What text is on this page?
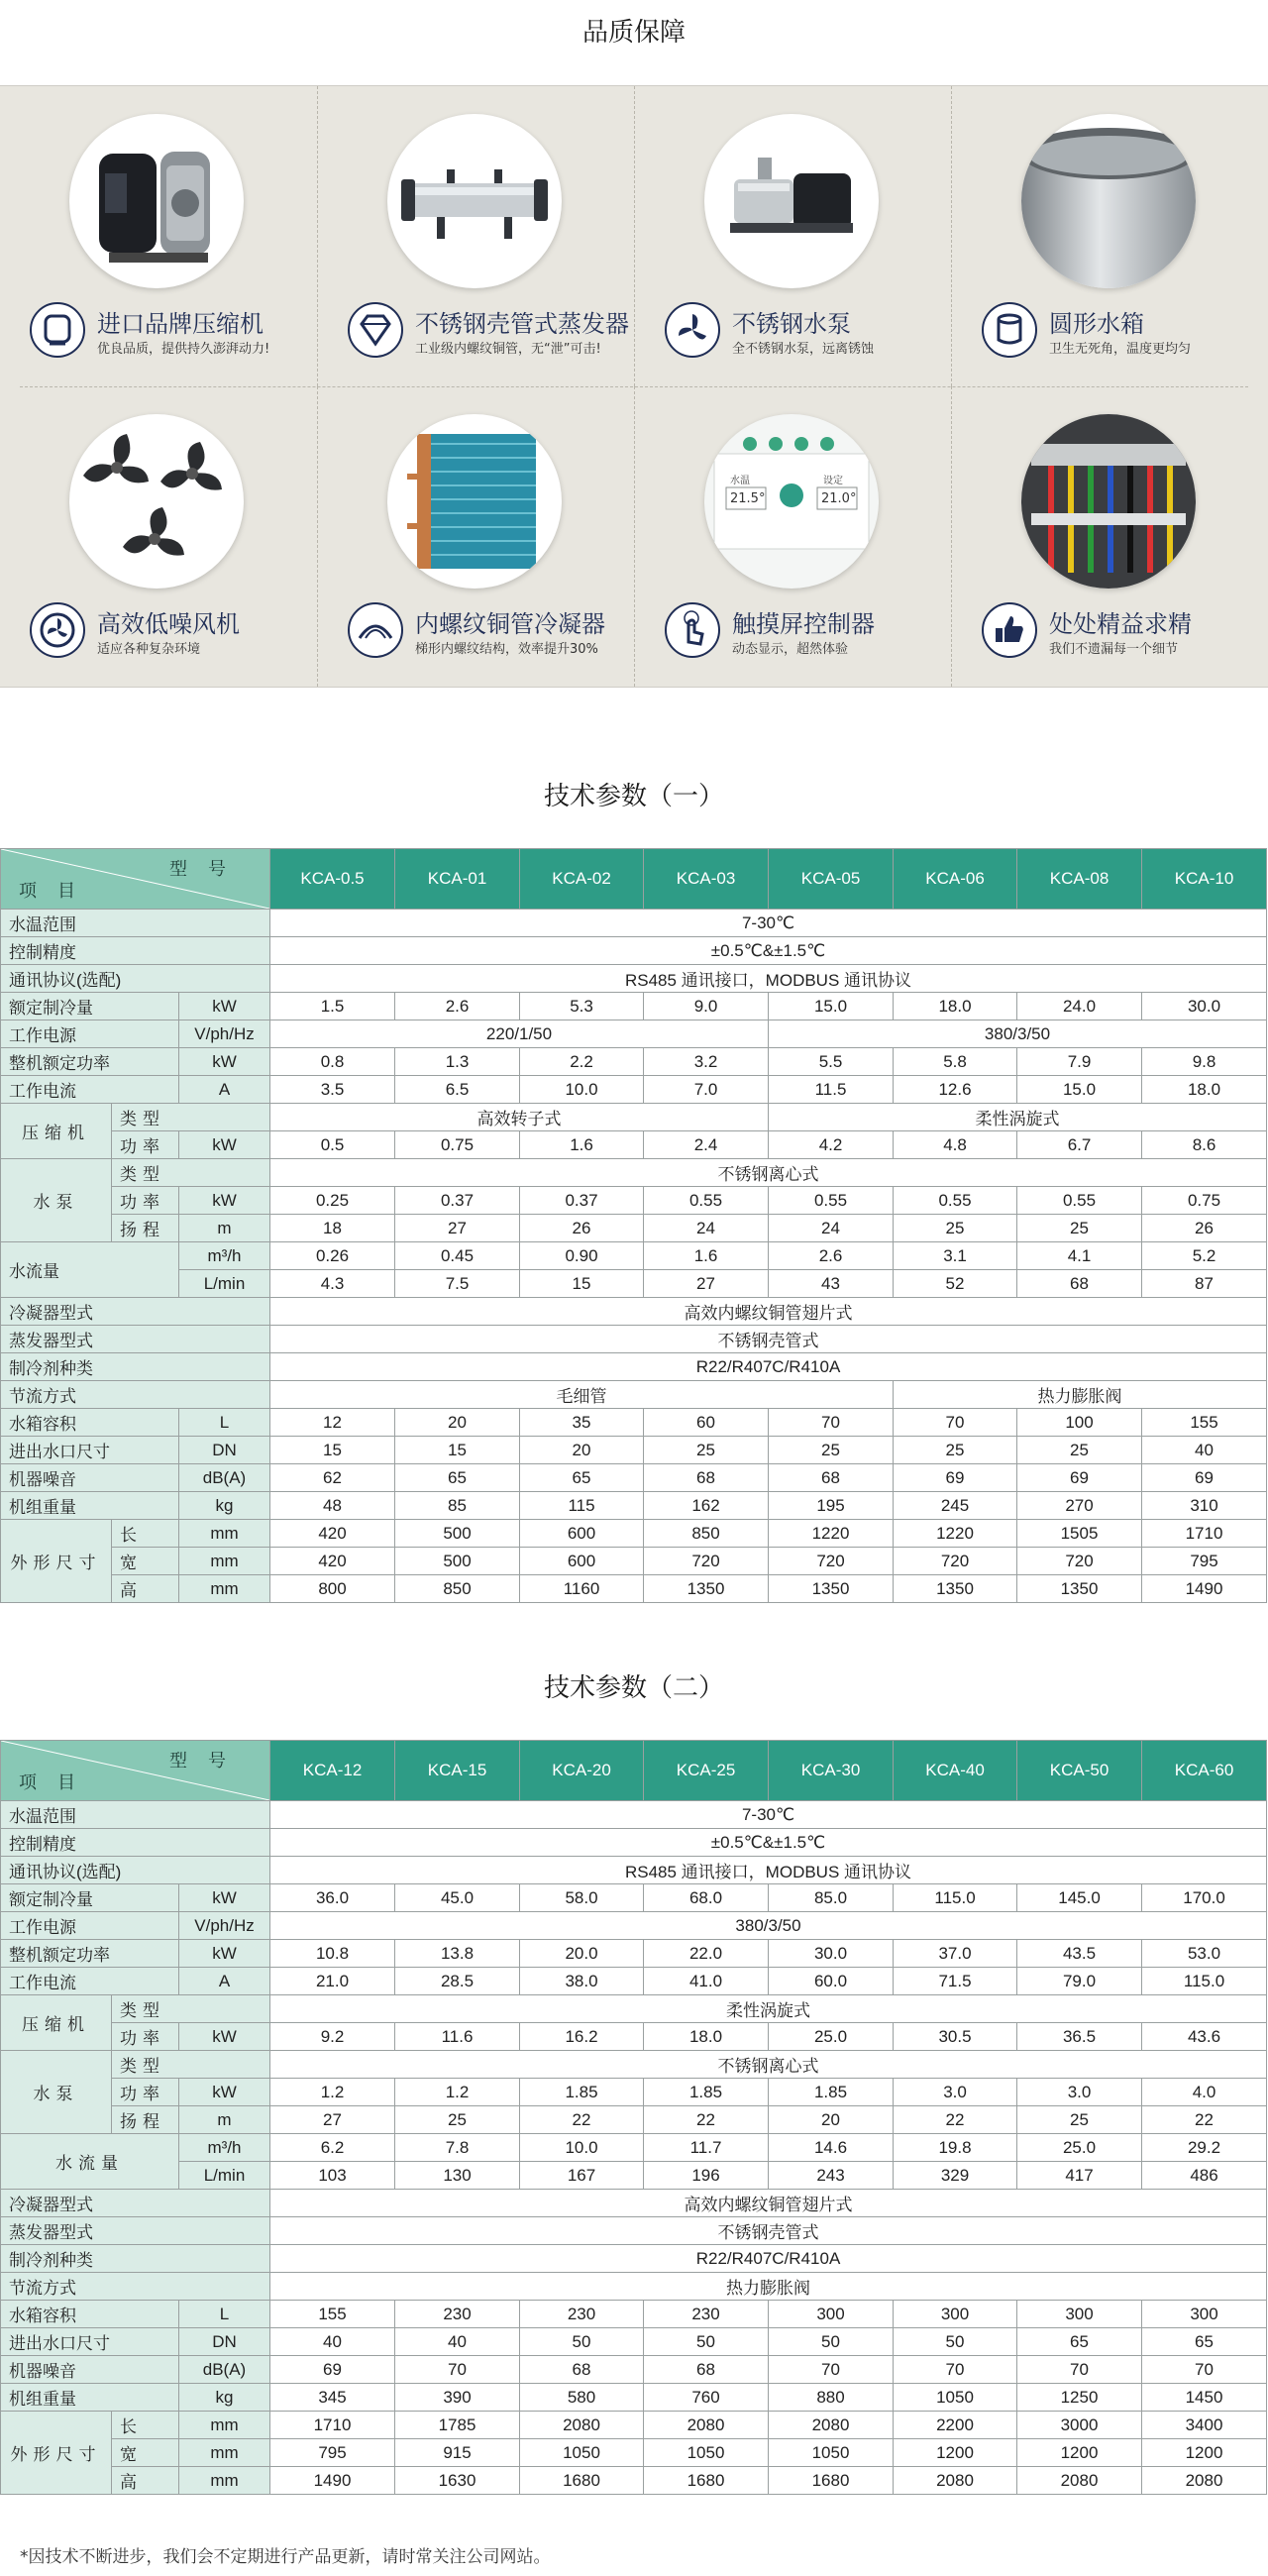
品质保障
进口品牌压缩机
优良品质，提供持久澎湃动力!
不锈钢壳管式蒸发器
工业级内螺纹铜管，无“泄”可击!
不锈钢水泵
全不锈钢水泵，远离锈蚀
圆形水箱
卫生无死角，温度更均匀
高效低噪风机
适应各种复杂环境
内螺纹铜管冷凝器
梯形内螺纹结构，效率提升30%
水温
21.5°
设定
21.0°
触摸屏控制器
动态显示，超然体验
处处精益求精
我们不遗漏每一个细节
技术参数（一）
型 号
项 目			KCA-0.5	KCA-01	KCA-02	KCA-03	KCA-05	KCA-06	KCA-08	KCA-10
水温范围			7-30℃							
控制精度			±0.5℃&±1.5℃							
通讯协议(选配)			RS485 通讯接口，MODBUS 通讯协议							
额定制冷量		kW	1.5	2.6	5.3	9.0	15.0	18.0	24.0	30.0
工作电源		V/ph/Hz	220/1/50				380/3/50			
整机额定功率		kW	0.8	1.3	2.2	3.2	5.5	5.8	7.9	9.8
工作电流		A	3.5	6.5	10.0	7.0	11.5	12.6	15.0	18.0
压缩机	类型		高效转子式				柔性涡旋式			
	功率	kW	0.5	0.75	1.6	2.4	4.2	4.8	6.7	8.6
水泵	类型		不锈钢离心式							
	功率	kW	0.25	0.37	0.37	0.55	0.55	0.55	0.55	0.75
	扬程	m	18	27	26	24	24	25	25	26
水流量		m³/h	0.26	0.45	0.90	1.6	2.6	3.1	4.1	5.2
		L/min	4.3	7.5	15	27	43	52	68	87
冷凝器型式			高效内螺纹铜管翅片式							
蒸发器型式			不锈钢壳管式							
制冷剂种类			R22/R407C/R410A							
节流方式			毛细管					热力膨胀阀		
水箱容积		L	12	20	35	60	70	70	100	155
进出水口尺寸		DN	15	15	20	25	25	25	25	40
机器噪音		dB(A)	62	65	65	68	68	69	69	69
机组重量		kg	48	85	115	162	195	245	270	310
外形尺寸	长	mm	420	500	600	850	1220	1220	1505	1710
	宽	mm	420	500	600	720	720	720	720	795
	高	mm	800	850	1160	1350	1350	1350	1350	1490
技术参数（二）
型 号
项 目			KCA-12	KCA-15	KCA-20	KCA-25	KCA-30	KCA-40	KCA-50	KCA-60
水温范围			7-30℃							
控制精度			±0.5℃&±1.5℃							
通讯协议(选配)			RS485 通讯接口，MODBUS 通讯协议							
额定制冷量		kW	36.0	45.0	58.0	68.0	85.0	115.0	145.0	170.0
工作电源		V/ph/Hz	380/3/50							
整机额定功率		kW	10.8	13.8	20.0	22.0	30.0	37.0	43.5	53.0
工作电流		A	21.0	28.5	38.0	41.0	60.0	71.5	79.0	115.0
压缩机	类型		柔性涡旋式							
	功率	kW	9.2	11.6	16.2	18.0	25.0	30.5	36.5	43.6
水泵	类型		不锈钢离心式							
	功率	kW	1.2	1.2	1.85	1.85	1.85	3.0	3.0	4.0
	扬程	m	27	25	22	22	20	22	25	22
水流量		m³/h	6.2	7.8	10.0	11.7	14.6	19.8	25.0	29.2
		L/min	103	130	167	196	243	329	417	486
冷凝器型式			高效内螺纹铜管翅片式							
蒸发器型式			不锈钢壳管式							
制冷剂种类			R22/R407C/R410A							
节流方式			热力膨胀阀							
水箱容积		L	155	230	230	230	300	300	300	300
进出水口尺寸		DN	40	40	50	50	50	50	65	65
机器噪音		dB(A)	69	70	68	68	70	70	70	70
机组重量		kg	345	390	580	760	880	1050	1250	1450
外形尺寸	长	mm	1710	1785	2080	2080	2080	2200	3000	3400
	宽	mm	795	915	1050	1050	1050	1200	1200	1200
	高	mm	1490	1630	1680	1680	1680	2080	2080	2080
*因技术不断进步，我们会不定期进行产品更新，请时常关注公司网站。
